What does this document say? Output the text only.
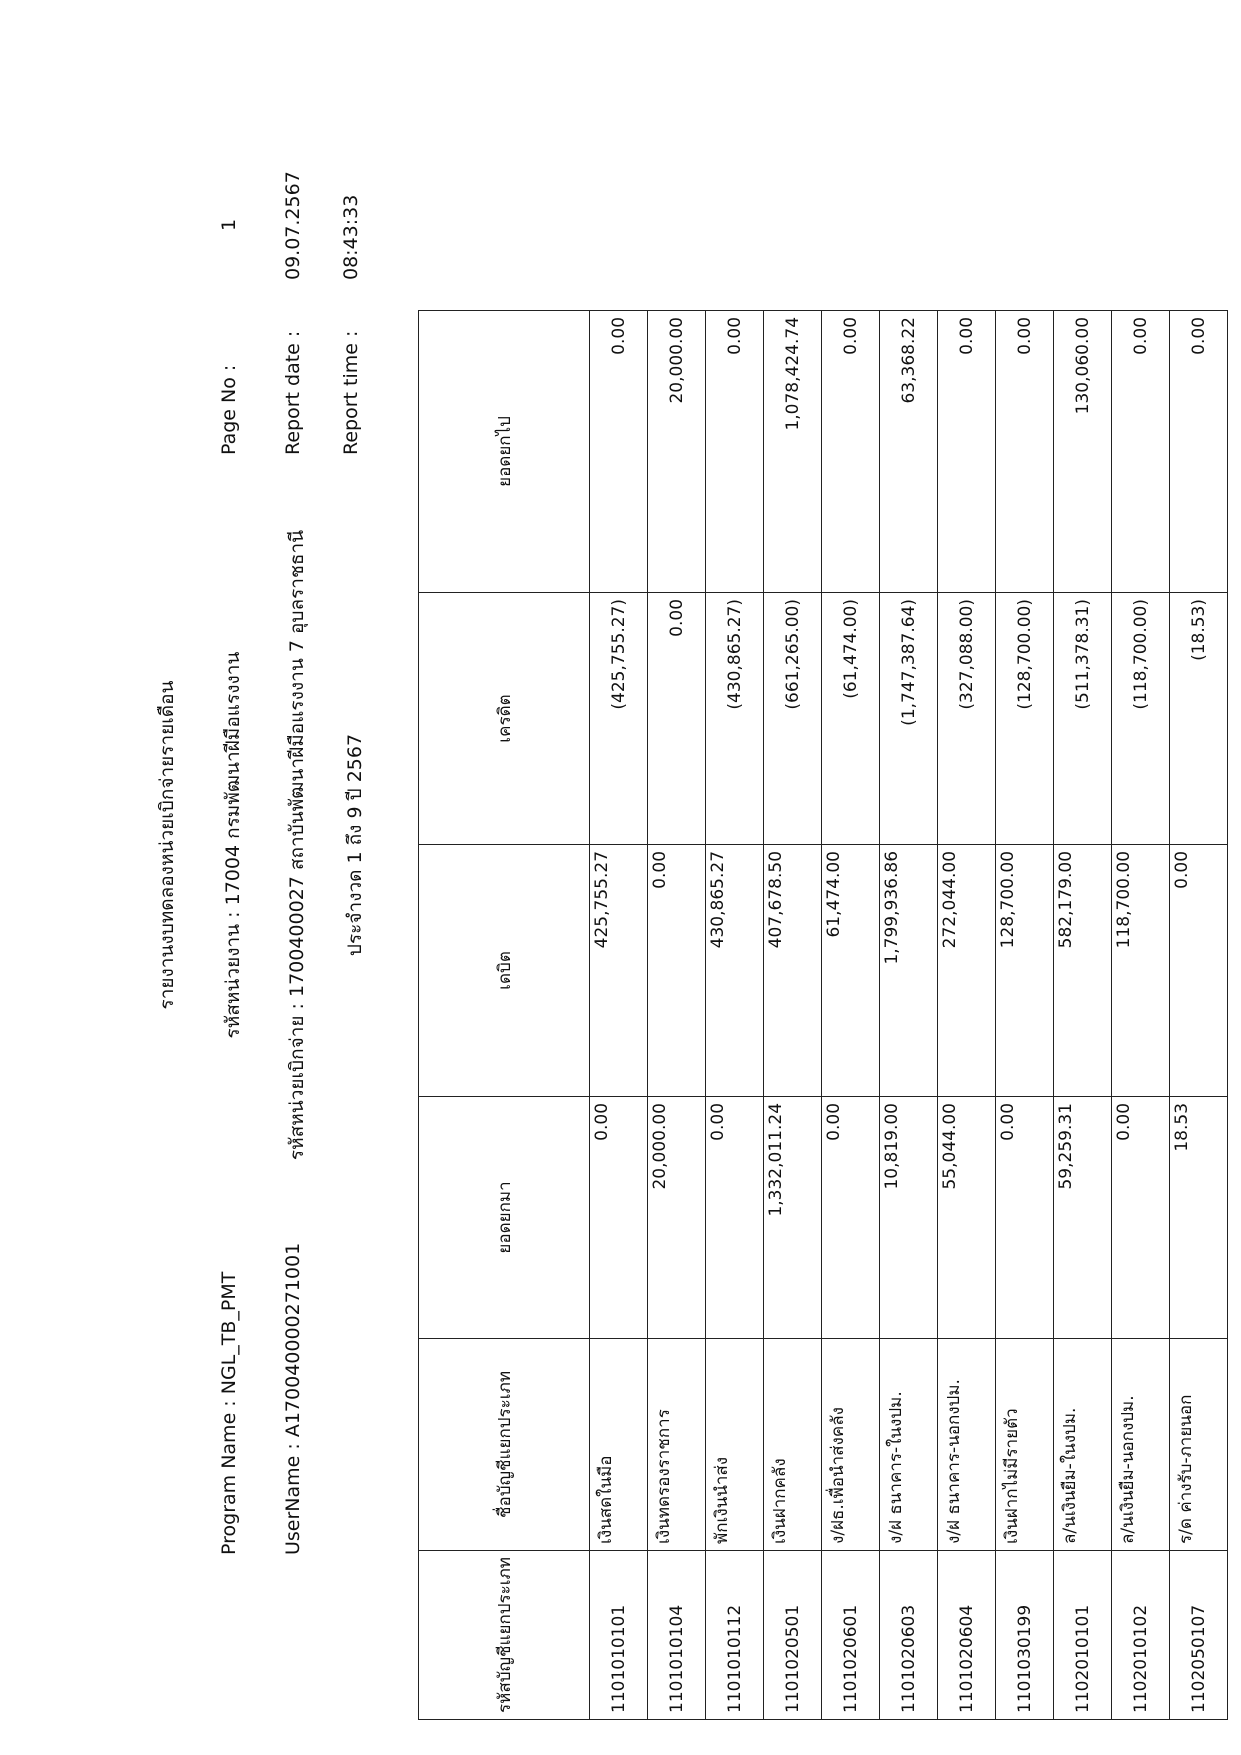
รายงานงบทดลองหน่วยเบิกจ่ายรายเดือน รหัสหน่วยงาน : 17004 กรมพัฒนาฝีมือแรงงาน รหัสหน่วยเบิกจ่าย : 1700400027 สถาบันพัฒนาฝีมือแรงงาน 7 อุบลราชธานี ประจำงวด 1 ถึง 9 ปี 2567
Program Name : NGL_TB_PMT UserName : A170040000271001
Page No :
1
Report date :
09.07.2567
Report time :
08:43:33
รหัสบัญชีแยกประเภท	ชื่อบัญชีแยกประเภท	ยอดยกมา	เดบิต	เครดิต	ยอดยกไป
1101010101	เงินสดในมือ	0.00	425,755.27	(425,755.27)	0.00
1101010104	เงินทดรองราชการ	20,000.00	0.00	0.00	20,000.00
1101010112	พักเงินนำส่ง	0.00	430,865.27	(430,865.27)	0.00
1101020501	เงินฝากคลัง	1,332,011.24	407,678.50	(661,265.00)	1,078,424.74
1101020601	ง/ฝธ.เพื่อนำส่งคลัง	0.00	61,474.00	(61,474.00)	0.00
1101020603	ง/ฝ ธนาคาร-ในงปม.	10,819.00	1,799,936.86	(1,747,387.64)	63,368.22
1101020604	ง/ฝ ธนาคาร-นอกงปม.	55,044.00	272,044.00	(327,088.00)	0.00
1101030199	เงินฝากไม่มีรายตัว	0.00	128,700.00	(128,700.00)	0.00
1102010101	ล/นเงินยืม-ในงปม.	59,259.31	582,179.00	(511,378.31)	130,060.00
1102010102	ล/นเงินยืม-นอกงปม.	0.00	118,700.00	(118,700.00)	0.00
1102050107	ร/ด ค่างรับ-ภายนอก	18.53	0.00	(18.53)	0.00
